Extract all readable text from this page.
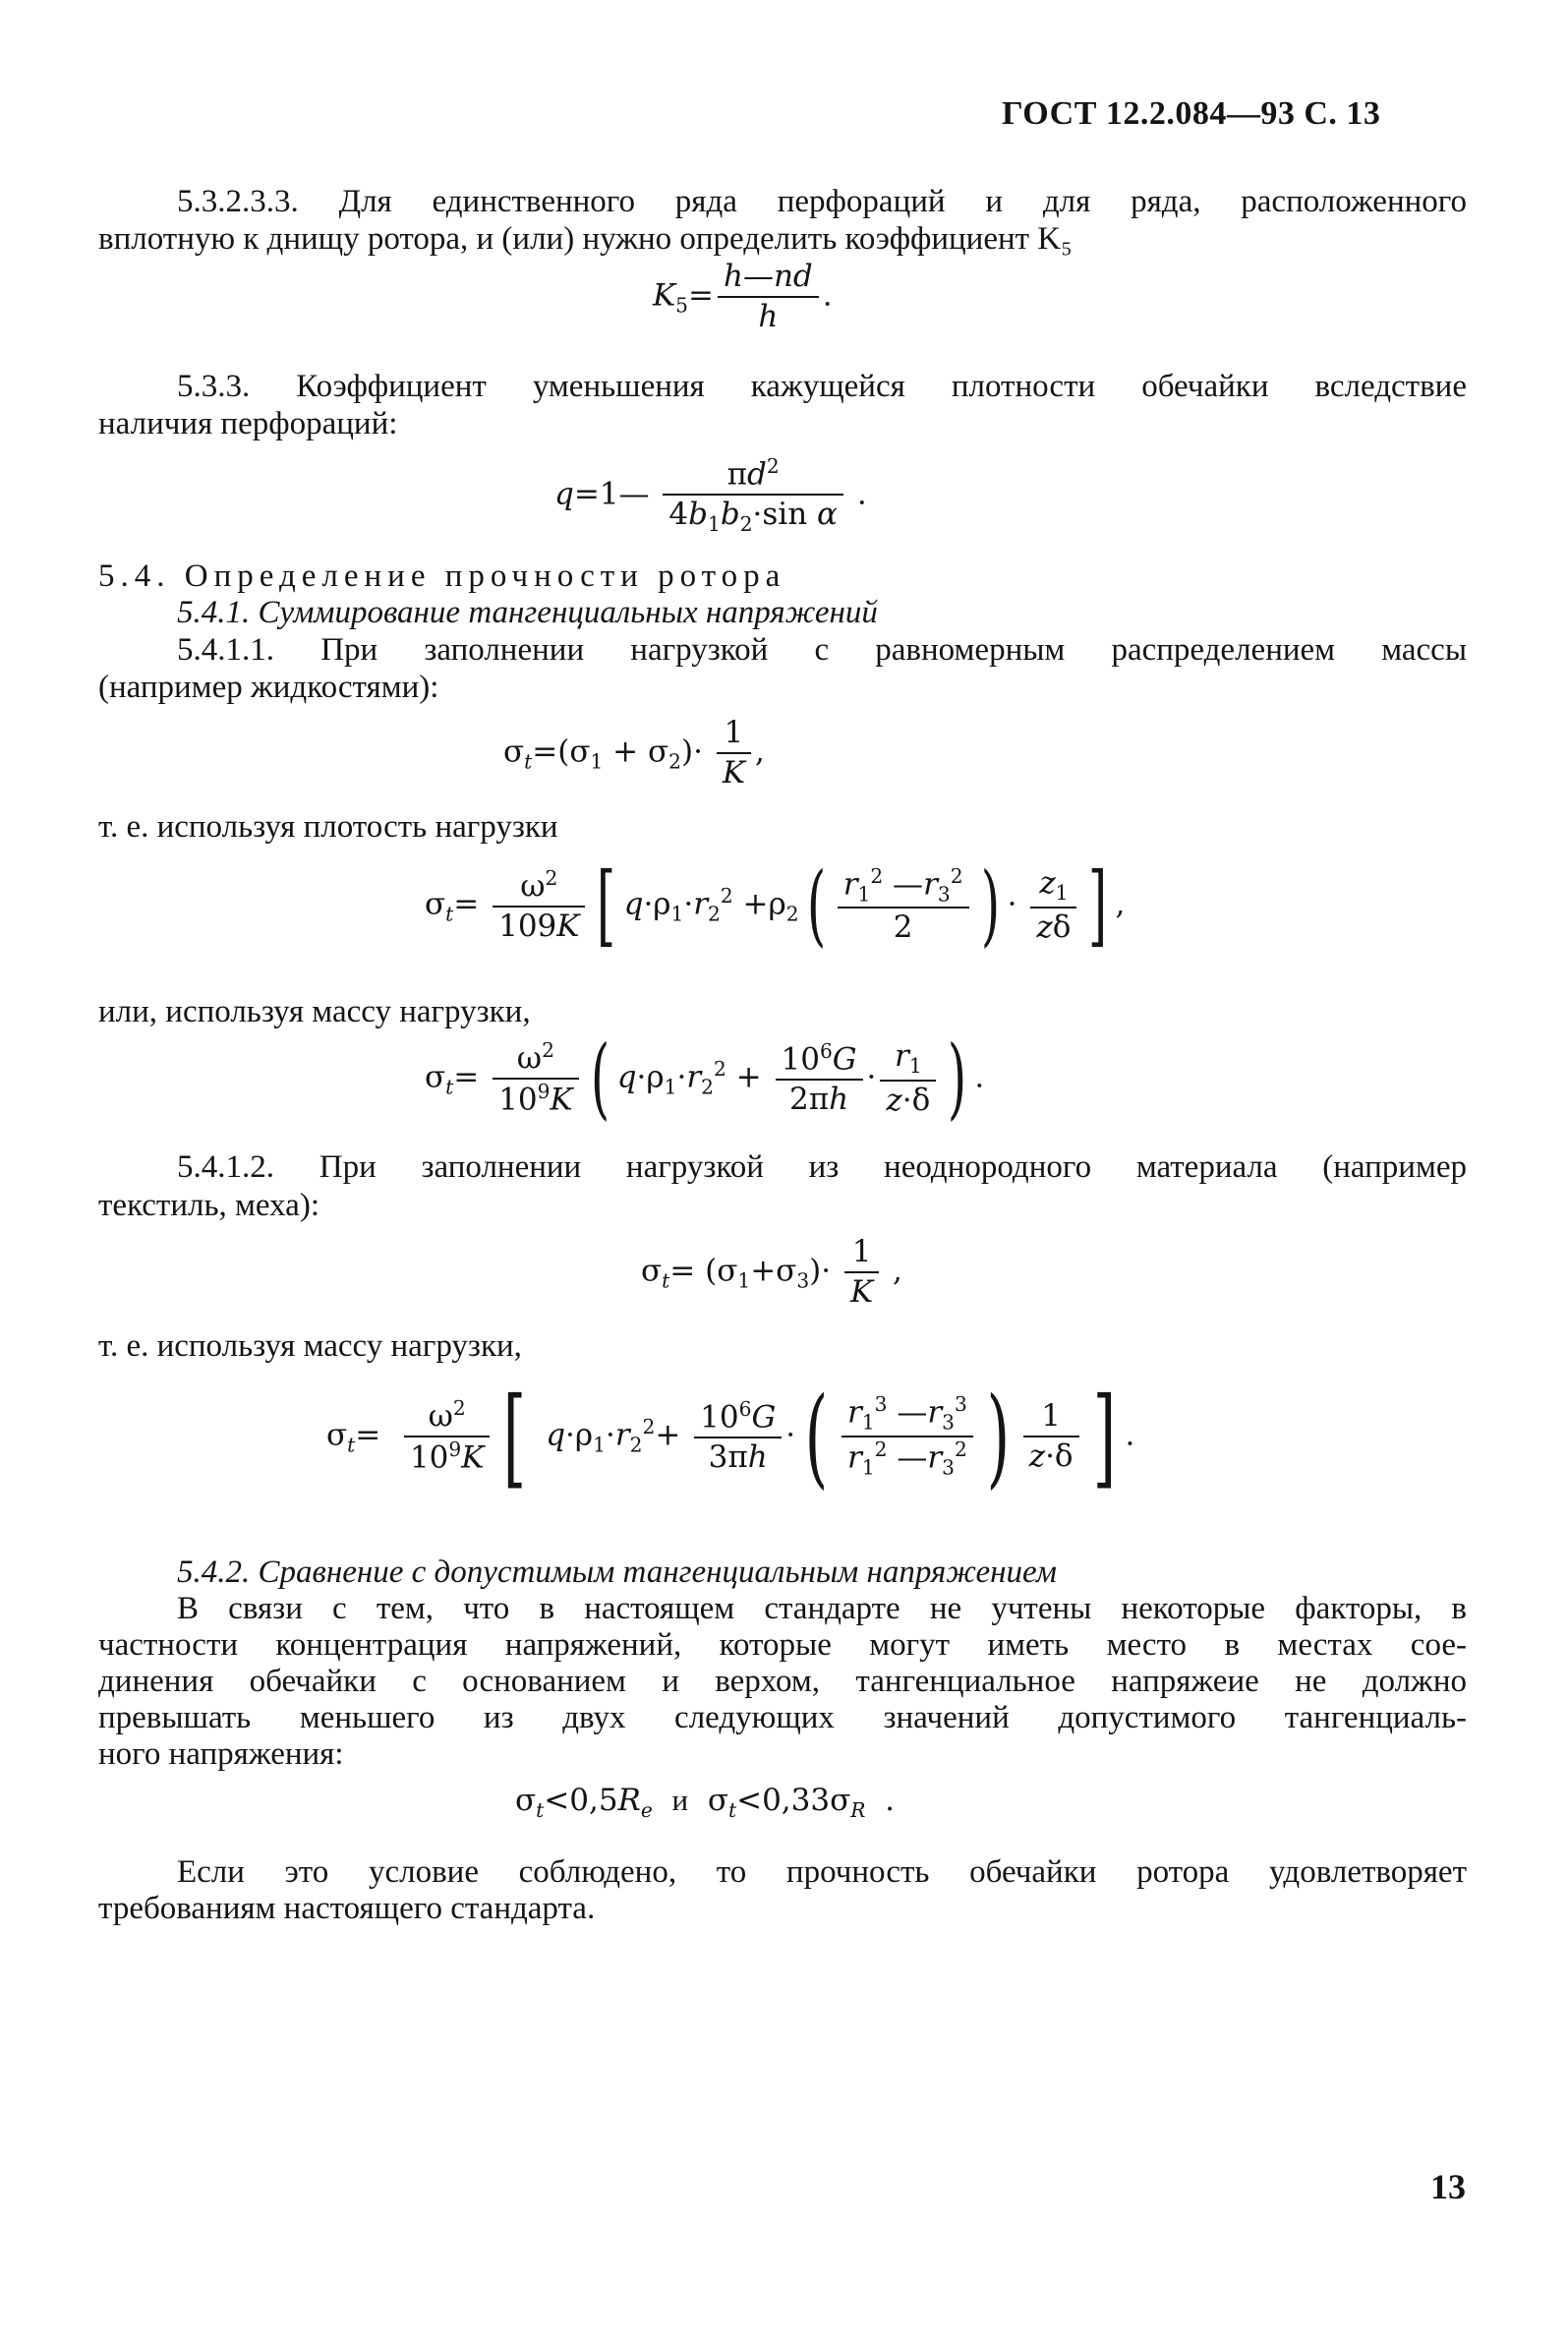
ГОСТ 12.2.084—93 С. 13
5.3.2.3.3. Для единственного ряда перфораций и для ряда, расположенного
вплотную к днищу ротора, и (или) нужно определить коэффициент K₅
$K_5= \frac{h—nd}{h}$ .
5.3.3. Коэффициент уменьшения кажущейся плотности обечайки вследствие
наличия перфораций:
q=1— $\frac{\pi d^2}{4b_1b_2\cdot\sin \alpha}$ .
5.4. Определение прочности ротора
5.4.1. Суммирование тангенциальных напряжений
5.4.1.1. При заполнении нагрузкой с равномерным распределением массы
(например жидкостями):
$\sigma_t=(\sigma_1 + \sigma_2)\cdot \frac{1}{K}$ ,
т. е. используя плотость нагрузки
$\sigma_t= \frac{\omega^2}{109K}$ [ $q\cdot\rho_1\cdot r_2^2 +\rho_2( \frac{r_1^2 —r_3^2}{2}$ ) · $\frac{z_1}{z\delta}$ ] ,
или, используя массу нагрузки,
$\sigma_t= \frac{\omega^2}{10^9K}$ ( $q\cdot\rho_1\cdot r_2^2 + \frac{10^6G}{2\pi h} \cdot \frac{r_1}{z\cdot\delta}$ ) .
5.4.1.2. При заполнении нагрузкой из неоднородного материала (например
текстиль, меха):
$\sigma_t= (\sigma_1+\sigma_3)\cdot \frac{1}{K}$ ,
т. е. используя массу нагрузки,
$\sigma_t= \frac{\omega^2}{10^9K}$ [ $q\cdot\rho_1\cdot r_2^2+ \frac{10^6G}{3\pi h}$ ·( $\frac{r_1^3 —r_3^3}{r_1^2 —r_3^2}$ ) $\frac{1}{z\cdot\delta}$ ] .
5.4.2. Сравнение с допустимым тангенциальным напряжением
В связи с тем, что в настоящем стандарте не учтены некоторые факторы, в
частности концентрация напряжений, которые могут иметь место в местах сое-
динения обечайки с основанием и верхом, тангенциальное напряжеие не должно
превышать меньшего из двух следующих значений допустимого тангенциаль-
ного напряжения:
$\sigma_t<0,5R_e$ и  $\sigma_t<0,33\sigma_R$  .
Если это условие соблюдено, то прочность обечайки ротора удовлетворяет
требованиям настоящего стандарта.
13
